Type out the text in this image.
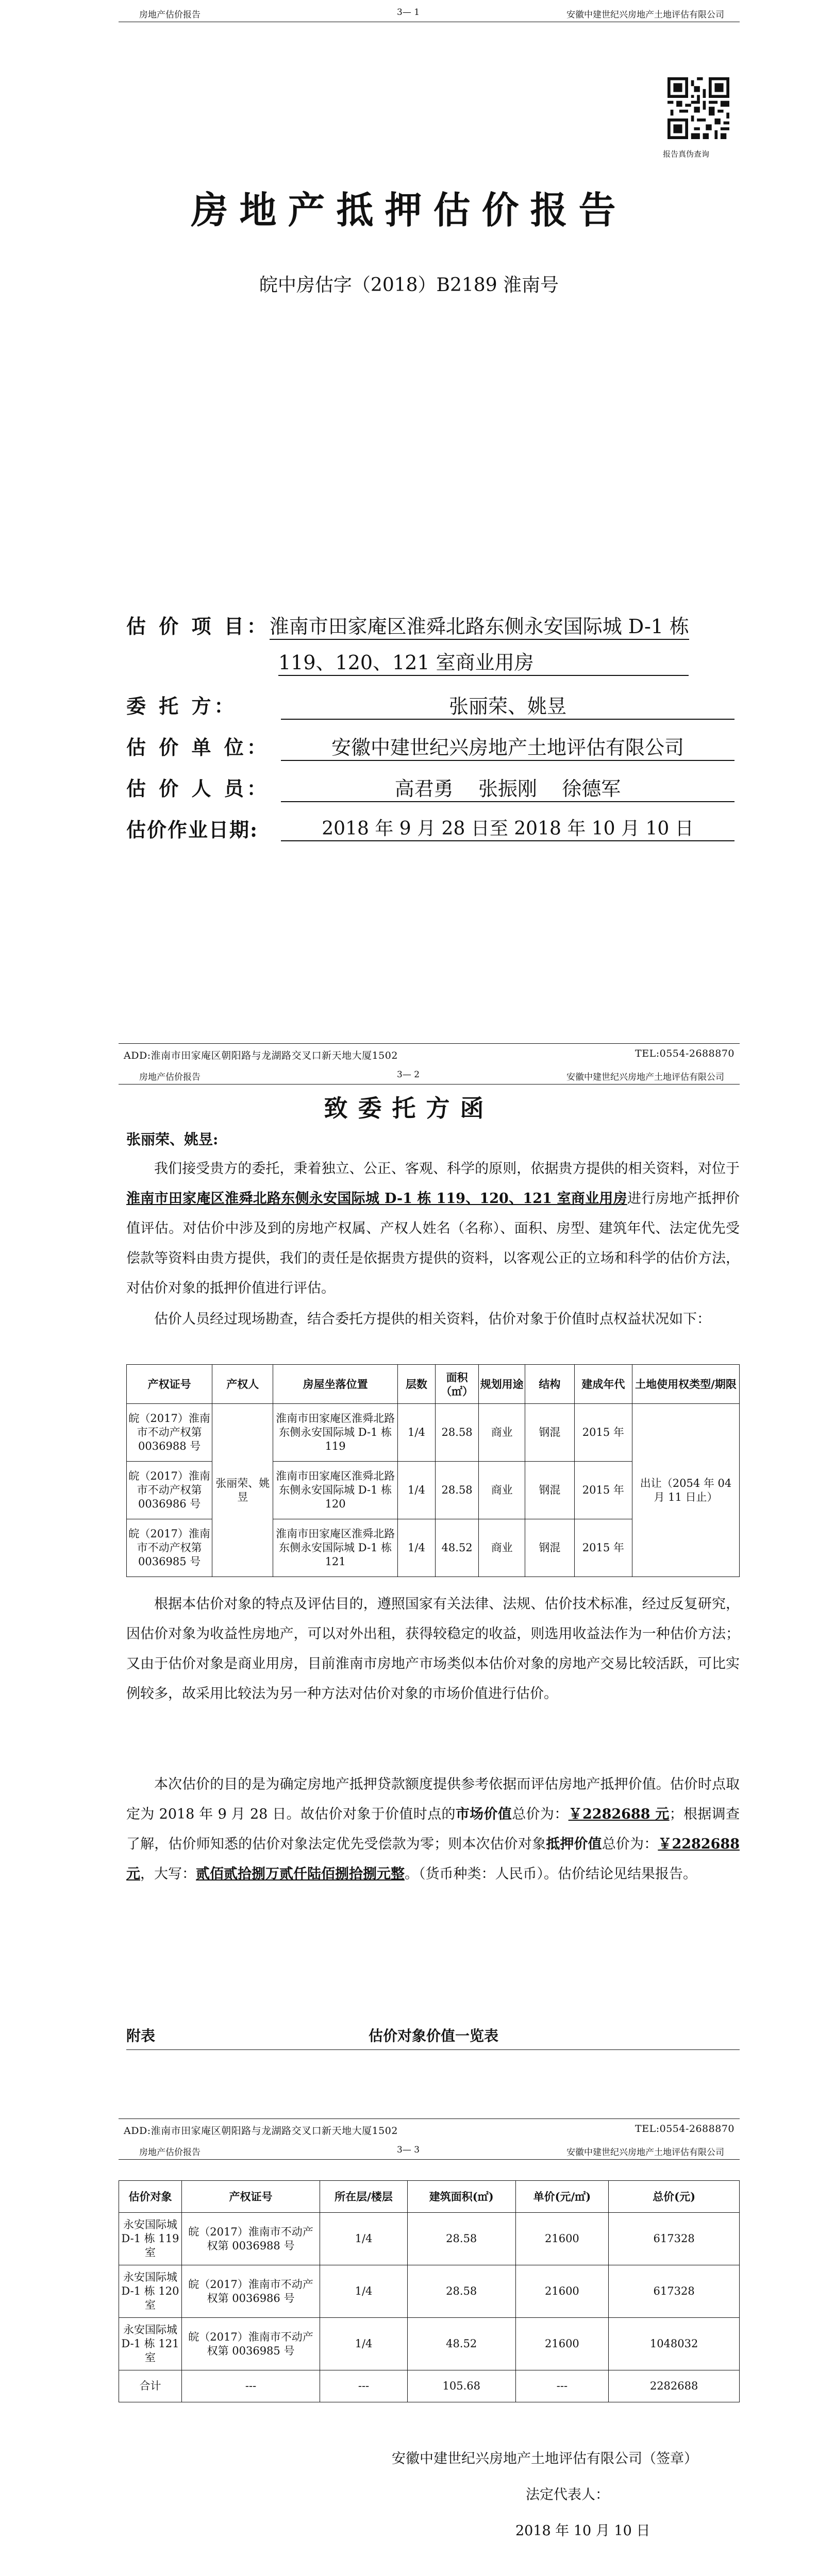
房地产估价报告	3— 1	安徽中建世纪兴房地产土地评估有限公司
报告真伪查询
房地产抵押估价报告
皖中房估字（2018）B2189 淮南号
估 价 项 目：淮南市田家庵区淮舜北路东侧永安国际城 D-1 栋
119、120、121 室商业用房
委 托 方：	张丽荣、姚昱
估 价 单 位：	安徽中建世纪兴房地产土地评估有限公司
估 价 人 员：	高君勇    张振刚    徐德军
估价作业日期:	2018 年 9 月 28 日至 2018 年 10 月 10 日
ADD:淮南市田家庵区朝阳路与龙湖路交叉口新天地大厦1502	TEL:0554-2688870
房地产估价报告	3— 2	安徽中建世纪兴房地产土地评估有限公司
致委托方函
张丽荣、姚昱:
我们接受贵方的委托，秉着独立、公正、客观、科学的原则，依据贵方提供的相关资料，对位于淮南市田家庵区淮舜北路东侧永安国际城 D-1 栋 119、120、121 室商业用房进行房地产抵押价值评估。对估价中涉及到的房地产权属、产权人姓名（名称）、面积、房型、建筑年代、法定优先受偿款等资料由贵方提供，我们的责任是依据贵方提供的资料，以客观公正的立场和科学的估价方法，对估价对象的抵押价值进行评估。
估价人员经过现场勘查，结合委托方提供的相关资料，估价对象于价值时点权益状况如下：
产权证号	产权人	房屋坐落位置	层数	面积（㎡）	规划用途	结构	建成年代	土地使用权类型/期限
皖（2017）淮南市不动产权第 0036988 号	张丽荣、姚昱	淮南市田家庵区淮舜北路东侧永安国际城 D-1 栋 119	1/4	28.58	商业	钢混	2015 年	出让（2054 年 04 月 11 日止）
皖（2017）淮南市不动产权第 0036986 号		淮南市田家庵区淮舜北路东侧永安国际城 D-1 栋 120	1/4	28.58	商业	钢混	2015 年	
皖（2017）淮南市不动产权第 0036985 号		淮南市田家庵区淮舜北路东侧永安国际城 D-1 栋 121	1/4	48.52	商业	钢混	2015 年	
根据本估价对象的特点及评估目的，遵照国家有关法律、法规、估价技术标准，经过反复研究，因估价对象为收益性房地产，可以对外出租，获得较稳定的收益，则选用收益法作为一种估价方法；又由于估价对象是商业用房，目前淮南市房地产市场类似本估价对象的房地产交易比较活跃，可比实例较多，故采用比较法为另一种方法对估价对象的市场价值进行估价。
本次估价的目的是为确定房地产抵押贷款额度提供参考依据而评估房地产抵押价值。估价时点取定为 2018 年 9 月 28 日。故估价对象于价值时点的市场价值总价为：￥2282688 元；根据调查了解，估价师知悉的估价对象法定优先受偿款为零；则本次估价对象抵押价值总价为：￥2282688 元，大写：贰佰贰拾捌万贰仟陆佰捌拾捌元整。（货币种类：人民币）。估价结论见结果报告。
附表	估价对象价值一览表
ADD:淮南市田家庵区朝阳路与龙湖路交叉口新天地大厦1502	TEL:0554-2688870
房地产估价报告	3— 3	安徽中建世纪兴房地产土地评估有限公司
估价对象	产权证号	所在层/楼层	建筑面积(㎡)	单价(元/㎡)	总价(元)
永安国际城 D-1 栋 119 室	皖（2017）淮南市不动产权第 0036988 号	1/4	28.58	21600	617328
永安国际城 D-1 栋 120 室	皖（2017）淮南市不动产权第 0036986 号	1/4	28.58	21600	617328
永安国际城 D-1 栋 121 室	皖（2017）淮南市不动产权第 0036985 号	1/4	48.52	21600	1048032
合计	---	---	105.68	---	2282688
安徽中建世纪兴房地产土地评估有限公司（签章）
法定代表人：
2018 年 10 月 10 日
